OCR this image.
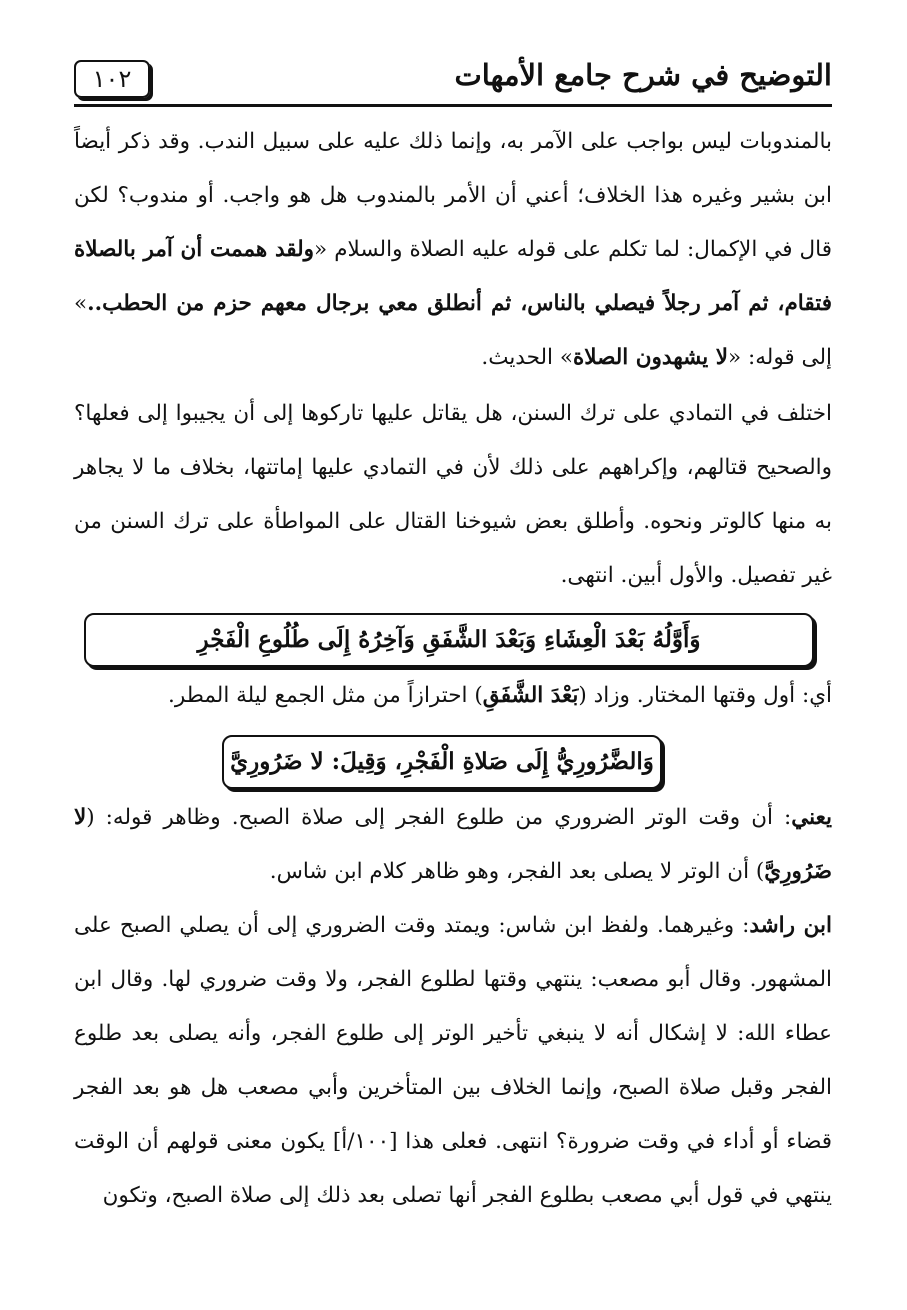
التوضيح في شرح جامع الأمهات
١٠٢

بالمندوبات ليس بواجب على الآمر به، وإنما ذلك عليه على سبيل الندب. وقد ذكر أيضاً ابن بشير وغيره هذا الخلاف؛ أعني أن الأمر بالمندوب هل هو واجب. أو مندوب؟ لكن قال في الإكمال: لما تكلم على قوله عليه الصلاة والسلام «ولقد هممت أن آمر بالصلاة فتقام، ثم آمر رجلاً فيصلي بالناس، ثم أنطلق معي برجال معهم حزم من الحطب..» إلى قوله: «لا يشهدون الصلاة» الحديث.

اختلف في التمادي على ترك السنن، هل يقاتل عليها تاركوها إلى أن يجيبوا إلى فعلها؟ والصحيح قتالهم، وإكراههم على ذلك لأن في التمادي عليها إماتتها، بخلاف ما لا يجاهر به منها كالوتر ونحوه. وأطلق بعض شيوخنا القتال على المواطأة على ترك السنن من غير تفصيل. والأول أبين. انتهى.

وَأَوَّلُهُ بَعْدَ الْعِشَاءِ وَبَعْدَ الشَّفَقِ وَآخِرُهُ إِلَى طُلُوعِ الْفَجْرِ

أي: أول وقتها المختار. وزاد (بَعْدَ الشَّفَقِ) احترازاً من مثل الجمع ليلة المطر.

وَالضَّرُورِيُّ إِلَى صَلاةِ الْفَجْرِ، وَقِيلَ: لا ضَرُورِيَّ

يعني: أن وقت الوتر الضروري من طلوع الفجر إلى صلاة الصبح. وظاهر قوله: (لا ضَرُورِيَّ) أن الوتر لا يصلى بعد الفجر، وهو ظاهر كلام ابن شاس.

ابن راشد: وغيرهما. ولفظ ابن شاس: ويمتد وقت الضروري إلى أن يصلي الصبح على المشهور. وقال أبو مصعب: ينتهي وقتها لطلوع الفجر، ولا وقت ضروري لها. وقال ابن عطاء الله: لا إشكال أنه لا ينبغي تأخير الوتر إلى طلوع الفجر، وأنه يصلى بعد طلوع الفجر وقبل صلاة الصبح، وإنما الخلاف بين المتأخرين وأبي مصعب هل هو بعد الفجر قضاء أو أداء في وقت ضرورة؟ انتهى. فعلى هذا [١٠٠/أ] يكون معنى قولهم أن الوقت ينتهي في قول أبي مصعب بطلوع الفجر أنها تصلى بعد ذلك إلى صلاة الصبح، وتكون
